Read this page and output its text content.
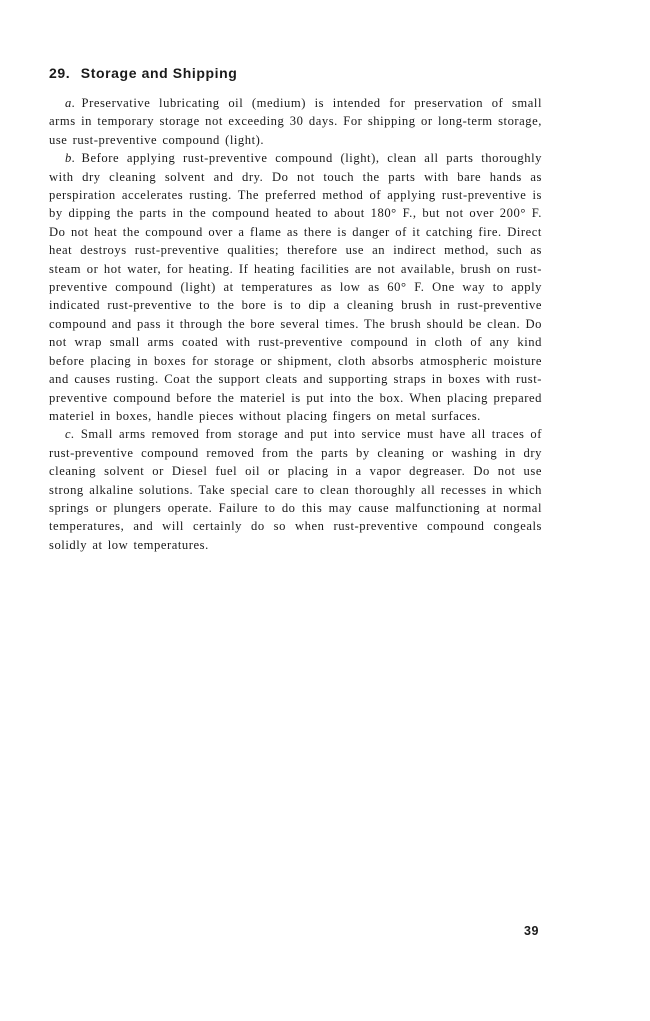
29. Storage and Shipping

a. Preservative lubricating oil (medium) is intended for preservation of small arms in temporary storage not exceeding 30 days. For shipping or long-term storage, use rust-preventive compound (light).

b. Before applying rust-preventive compound (light), clean all parts thoroughly with dry cleaning solvent and dry. Do not touch the parts with bare hands as perspiration accelerates rusting. The preferred method of applying rust-preventive is by dipping the parts in the compound heated to about 180° F., but not over 200° F. Do not heat the compound over a flame as there is danger of it catching fire. Direct heat destroys rust-preventive qualities; therefore use an indirect method, such as steam or hot water, for heating. If heating facilities are not available, brush on rust-preventive compound (light) at temperatures as low as 60° F. One way to apply indicated rust-preventive to the bore is to dip a cleaning brush in rust-preventive compound and pass it through the bore several times. The brush should be clean. Do not wrap small arms coated with rust-preventive compound in cloth of any kind before placing in boxes for storage or shipment, cloth absorbs atmospheric moisture and causes rusting. Coat the support cleats and supporting straps in boxes with rust-preventive compound before the materiel is put into the box. When placing prepared materiel in boxes, handle pieces without placing fingers on metal surfaces.

c. Small arms removed from storage and put into service must have all traces of rust-preventive compound removed from the parts by cleaning or washing in dry cleaning solvent or Diesel fuel oil or placing in a vapor degreaser. Do not use strong alkaline solutions. Take special care to clean thoroughly all recesses in which springs or plungers operate. Failure to do this may cause malfunctioning at normal temperatures, and will certainly do so when rust-preventive compound congeals solidly at low temperatures.

39
